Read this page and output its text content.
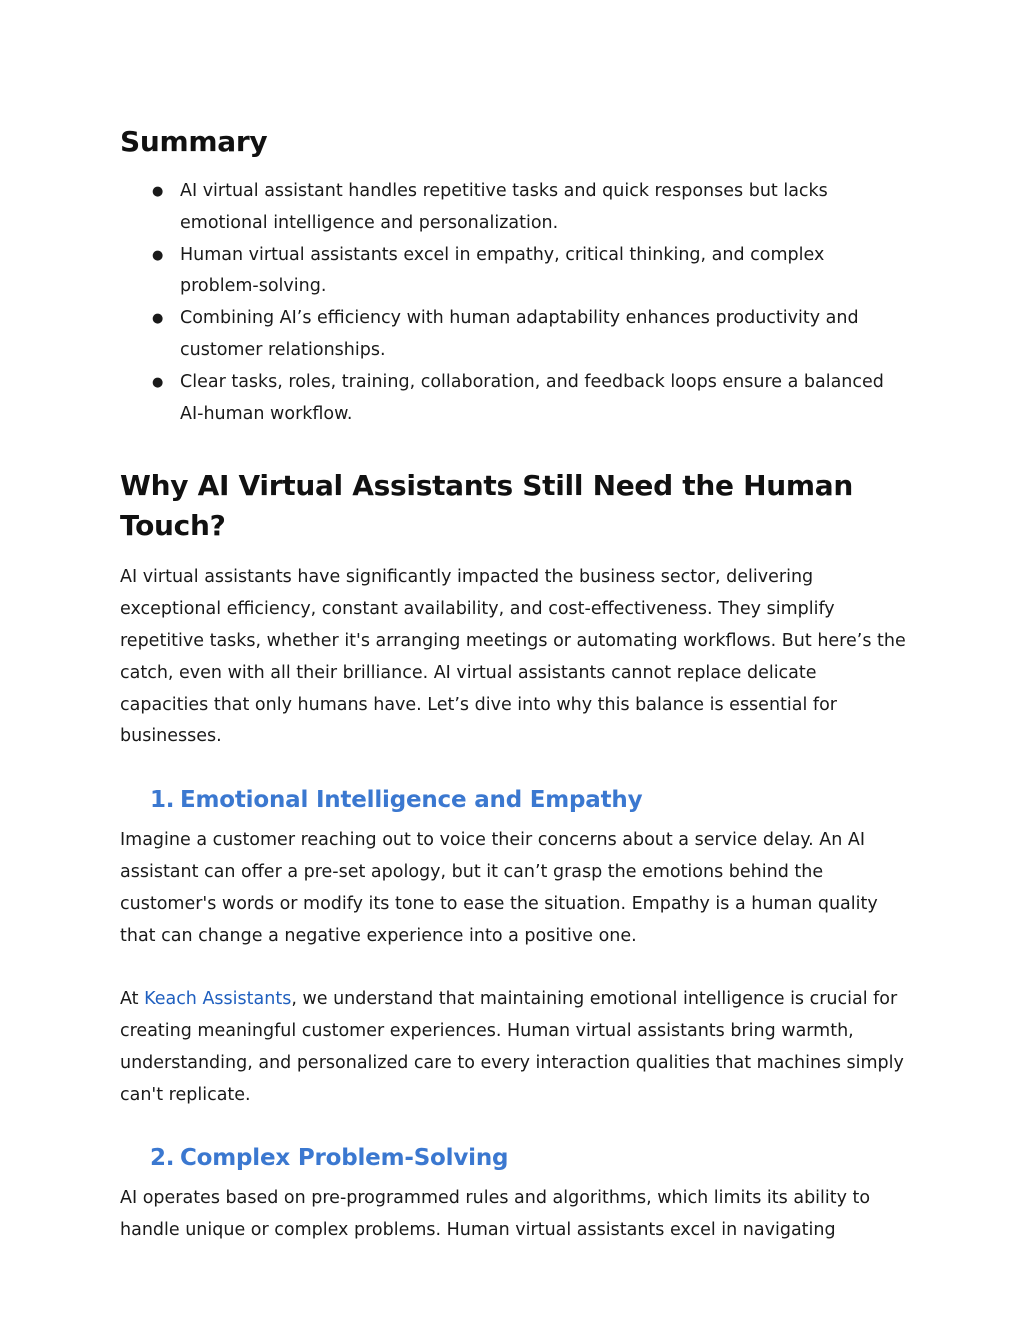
Summary
● AI virtual assistant handles repetitive tasks and quick responses but lacks emotional intelligence and personalization.
● Human virtual assistants excel in empathy, critical thinking, and complex problem-solving.
● Combining AI’s efficiency with human adaptability enhances productivity and customer relationships.
● Clear tasks, roles, training, collaboration, and feedback loops ensure a balanced AI-human workflow.
Why AI Virtual Assistants Still Need the Human Touch?

AI virtual assistants have significantly impacted the business sector, delivering exceptional efficiency, constant availability, and cost-effectiveness. They simplify repetitive tasks, whether it's arranging meetings or automating workflows. But here’s the catch, even with all their brilliance. AI virtual assistants cannot replace delicate capacities that only humans have. Let’s dive into why this balance is essential for businesses.

1. Emotional Intelligence and Empathy

Imagine a customer reaching out to voice their concerns about a service delay. An AI assistant can offer a pre-set apology, but it can’t grasp the emotions behind the customer's words or modify its tone to ease the situation. Empathy is a human quality that can change a negative experience into a positive one.

At Keach Assistants, we understand that maintaining emotional intelligence is crucial for creating meaningful customer experiences. Human virtual assistants bring warmth, understanding, and personalized care to every interaction qualities that machines simply can't replicate.

2. Complex Problem-Solving

AI operates based on pre-programmed rules and algorithms, which limits its ability to handle unique or complex problems. Human virtual assistants excel in navigating
